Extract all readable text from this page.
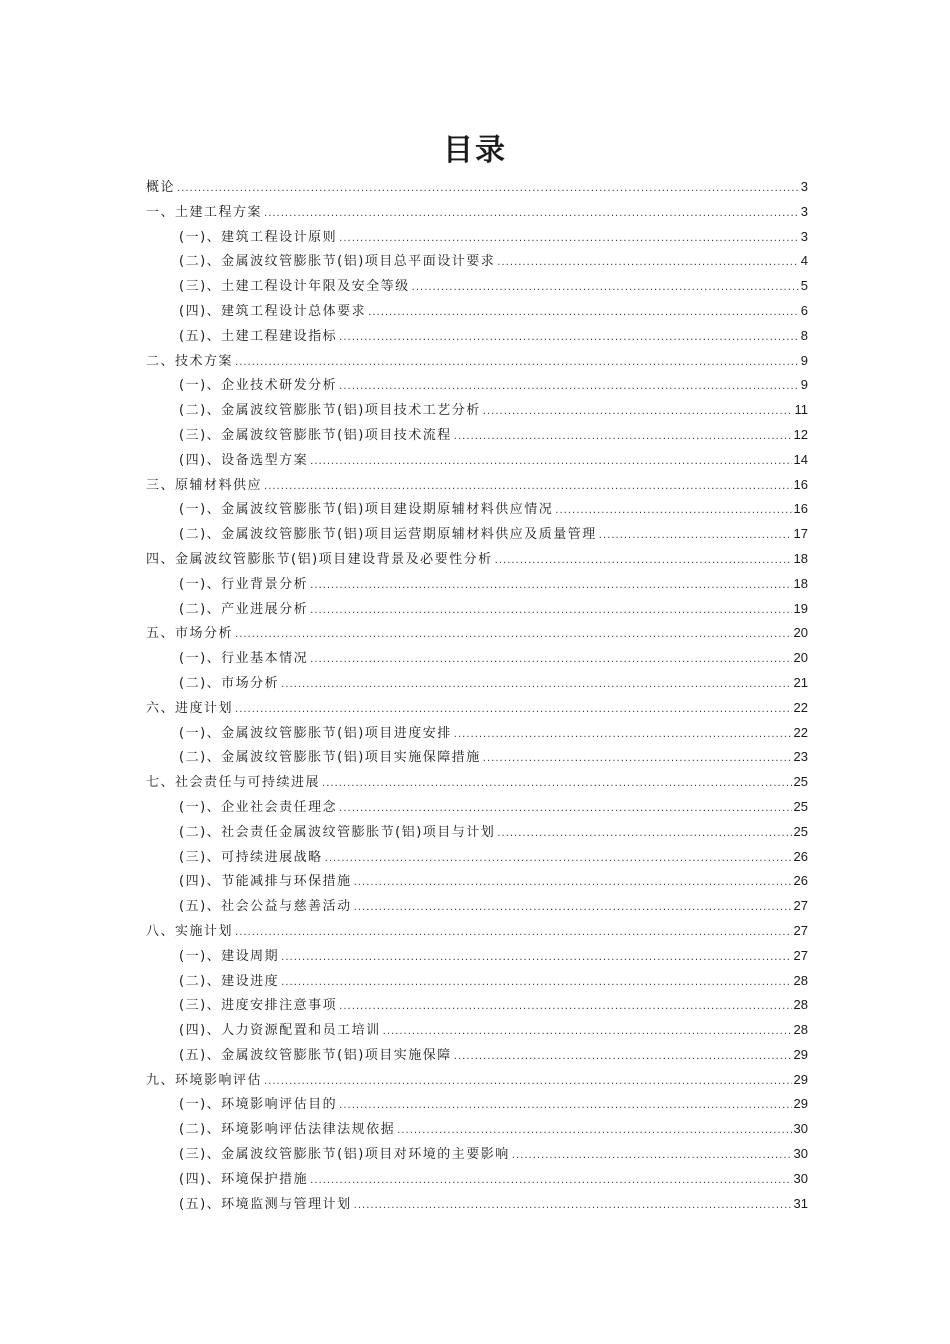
目录
概论 .....	3
一、土建工程方案 .....	3
(一)、建筑工程设计原则 .....	3
(二)、金属波纹管膨胀节(铝)项目总平面设计要求 .....	4
(三)、土建工程设计年限及安全等级 .....	5
(四)、建筑工程设计总体要求 .....	6
(五)、土建工程建设指标 .....	8
二、技术方案 .....	9
(一)、企业技术研发分析 .....	9
(二)、金属波纹管膨胀节(铝)项目技术工艺分析 .....	11
(三)、金属波纹管膨胀节(铝)项目技术流程 .....	12
(四)、设备选型方案 .....	14
三、原辅材料供应 .....	16
(一)、金属波纹管膨胀节(铝)项目建设期原辅材料供应情况 .....	16
(二)、金属波纹管膨胀节(铝)项目运营期原辅材料供应及质量管理 .....	17
四、金属波纹管膨胀节(铝)项目建设背景及必要性分析 .....	18
(一)、行业背景分析 .....	18
(二)、产业进展分析 .....	19
五、市场分析 .....	20
(一)、行业基本情况 .....	20
(二)、市场分析 .....	21
六、进度计划 .....	22
(一)、金属波纹管膨胀节(铝)项目进度安排 .....	22
(二)、金属波纹管膨胀节(铝)项目实施保障措施 .....	23
七、社会责任与可持续进展 .....	25
(一)、企业社会责任理念 .....	25
(二)、社会责任金属波纹管膨胀节(铝)项目与计划 .....	25
(三)、可持续进展战略 .....	26
(四)、节能减排与环保措施 .....	26
(五)、社会公益与慈善活动 .....	27
八、实施计划 .....	27
(一)、建设周期 .....	27
(二)、建设进度 .....	28
(三)、进度安排注意事项 .....	28
(四)、人力资源配置和员工培训 .....	28
(五)、金属波纹管膨胀节(铝)项目实施保障 .....	29
九、环境影响评估 .....	29
(一)、环境影响评估目的 .....	29
(二)、环境影响评估法律法规依据 .....	30
(三)、金属波纹管膨胀节(铝)项目对环境的主要影响 .....	30
(四)、环境保护措施 .....	30
(五)、环境监测与管理计划 .....	31
